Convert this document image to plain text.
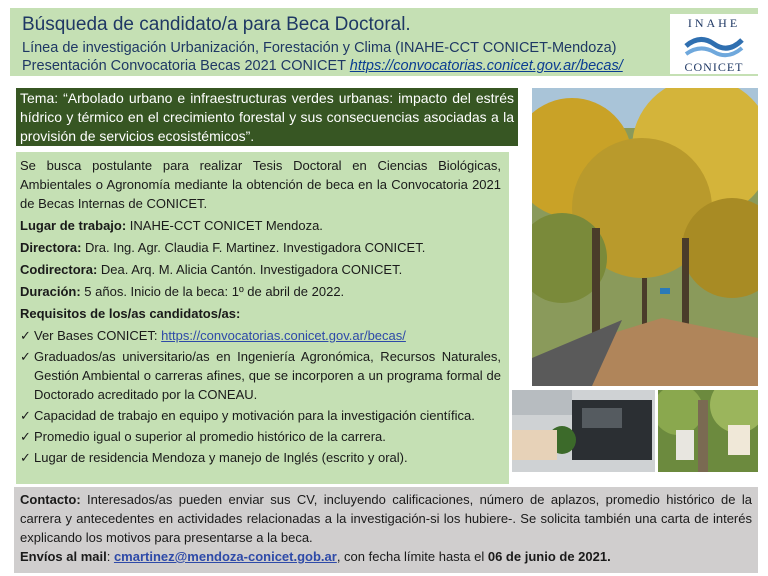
Búsqueda de candidato/a para Beca Doctoral.
Línea de investigación Urbanización, Forestación y Clima (INAHE-CCT CONICET-Mendoza)
Presentación Convocatoria Becas 2021 CONICET https://convocatorias.conicet.gov.ar/becas/
INAHE
CONICET
Tema: “Arbolado urbano e infraestructuras verdes urbanas: impacto del estrés hídrico y térmico en el crecimiento forestal y sus consecuencias asociadas a la provisión de servicios ecosistémicos”.

Se busca postulante para realizar Tesis Doctoral en Ciencias Biológicas, Ambientales o Agronomía mediante la obtención de beca en la Convocatoria 2021 de Becas Internas de CONICET.

Lugar de trabajo: INAHE-CCT CONICET Mendoza.

Directora: Dra. Ing. Agr. Claudia F. Martinez. Investigadora CONICET.

Codirectora: Dea. Arq. M. Alicia Cantón. Investigadora CONICET.

Duración: 5 años. Inicio de la beca: 1º de abril de 2022.

Requisitos de los/as candidatos/as:

✓ Ver Bases CONICET: https://convocatorias.conicet.gov.ar/becas/
✓ Graduados/as universitario/as en Ingeniería Agronómica, Recursos Naturales, Gestión Ambiental o carreras afines, que se incorporen a un programa formal de Doctorado acreditado por la CONEAU.
✓ Capacidad de trabajo en equipo y motivación para la investigación científica.
✓ Promedio igual o superior al promedio histórico de la carrera.
✓ Lugar de residencia Mendoza y manejo de Inglés (escrito y oral).

Contacto: Interesados/as pueden enviar sus CV, incluyendo calificaciones, número de aplazos, promedio histórico de la carrera y antecedentes en actividades relacionadas a la investigación-si los hubiere-. Se solicita también una carta de interés explicando los motivos para presentarse a la beca.

Envíos al mail: cmartinez@mendoza-conicet.gob.ar, con fecha límite hasta el 06 de junio de 2021.
